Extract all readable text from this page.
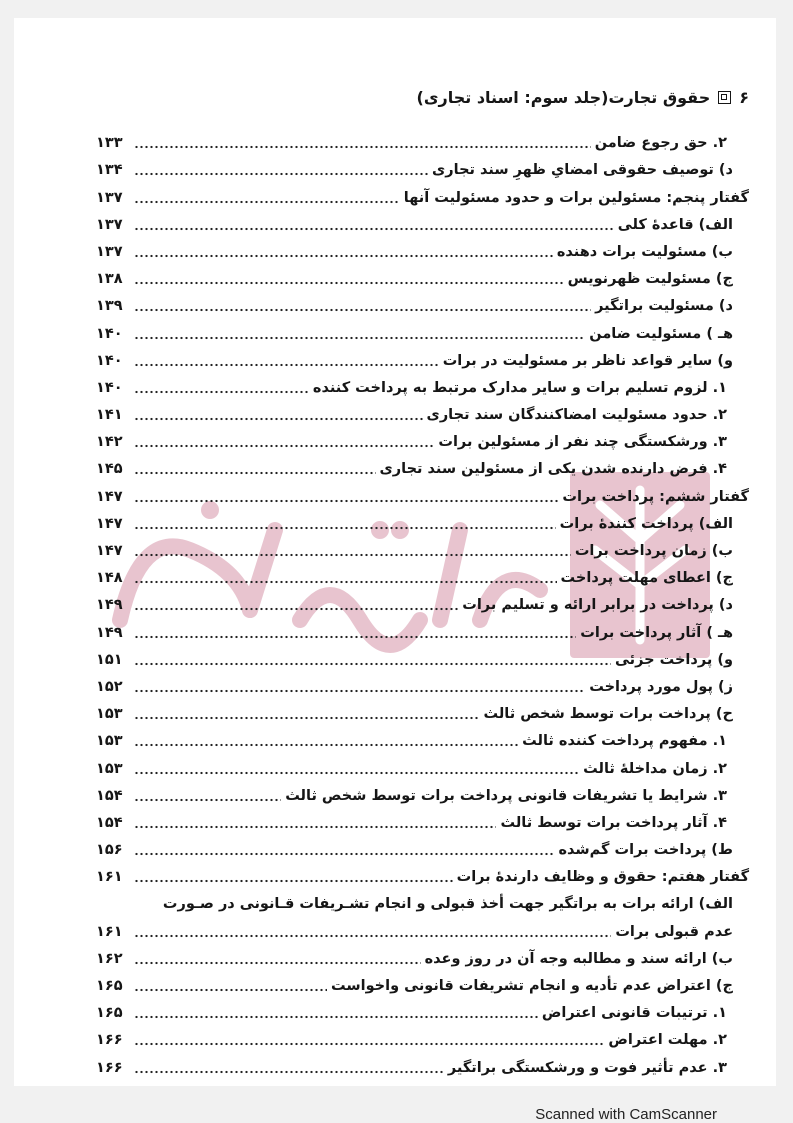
۶
حقوق تجارت(جلد سوم: اسناد تجاری)
۲. حق رجوع ضامن
۱۳۳
د) توصیف حقوقی امضایِ ظهرِ سند تجاری
۱۳۴
گفتار پنجم: مسئولین برات و حدود مسئولیت آنها
۱۳۷
الف) قاعدهٔ کلی
۱۳۷
ب) مسئولیت برات دهنده
۱۳۷
ج) مسئولیت ظهرنویس
۱۳۸
د) مسئولیت براتگیر
۱۳۹
هـ ) مسئولیت ضامن
۱۴۰
و) سایر قواعد ناظر بر مسئولیت در برات
۱۴۰
۱. لزوم تسلیم برات و سایر مدارک مرتبط به پرداخت کننده
۱۴۰
۲. حدود مسئولیت امضاکنندگان سند تجاری
۱۴۱
۳. ورشکستگی چند نفر از مسئولین برات
۱۴۲
۴. فرض دارنده شدن یکی از مسئولین سند تجاری
۱۴۵
گفتار ششم: پرداخت برات
۱۴۷
الف) پرداخت کنندهٔ برات
۱۴۷
ب) زمان پرداخت برات
۱۴۷
ج) اعطای مهلت پرداخت
۱۴۸
د) پرداخت در برابر ارائه و تسلیم برات
۱۴۹
هـ ) آثار پرداخت برات
۱۴۹
و) پرداخت جزئی
۱۵۱
ز) پول مورد پرداخت
۱۵۲
ح) پرداخت برات توسط شخص ثالث
۱۵۳
۱. مفهوم پرداخت کننده ثالث
۱۵۳
۲. زمان مداخلهٔ ثالث
۱۵۳
۳. شرایط یا تشریفات قانونی پرداخت برات توسط شخص ثالث
۱۵۴
۴. آثار پرداخت برات توسط ثالث
۱۵۴
ط) پرداخت برات گم‌شده
۱۵۶
گفتار هفتم: حقوق و وظایف دارندهٔ برات
۱۶۱
الف) ارائه برات به براتگیر جهت أخذ قبولی و انجام تشـریفات قـانونی در صـورت
عدم قبولی برات
۱۶۱
ب) ارائه سند و مطالبه وجه آن در روز وعده
۱۶۲
ج) اعتراض عدم تأدیه و انجام تشریفات قانونی واخواست
۱۶۵
۱. ترتیبات قانونی اعتراض
۱۶۵
۲. مهلت اعتراض
۱۶۶
۳. عدم تأثیر فوت و ورشکستگی براتگیر
۱۶۶
Scanned with CamScanner
